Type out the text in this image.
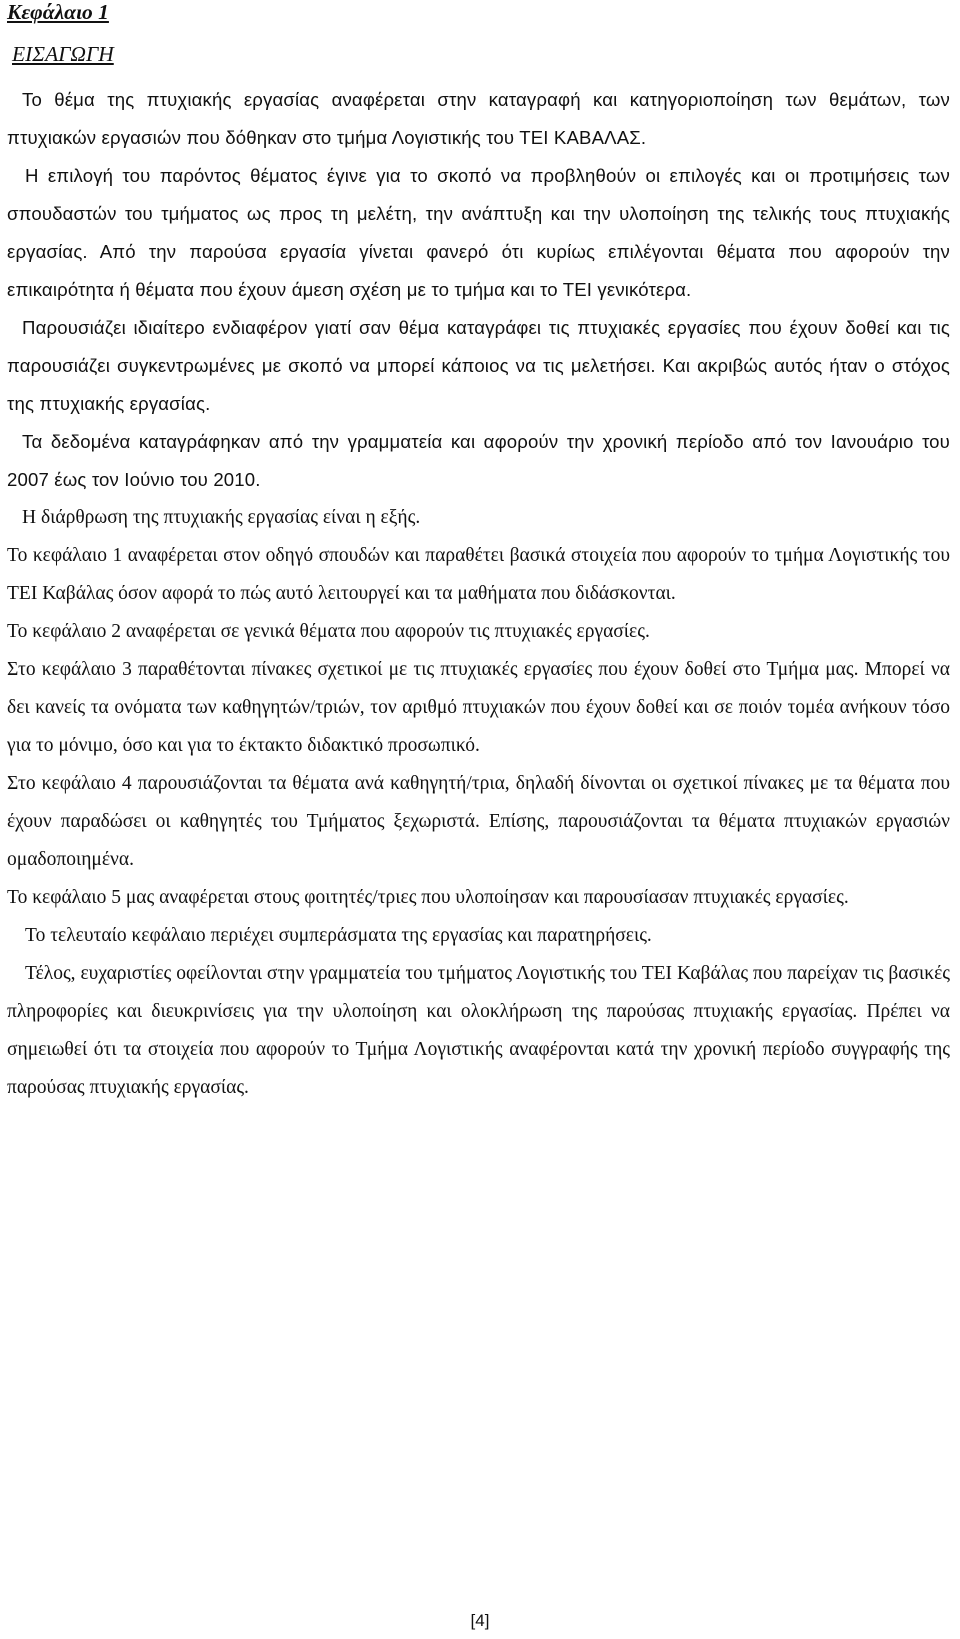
Κεφάλαιο 1
ΕΙΣΑΓΩΓΗ

Το θέμα της πτυχιακής εργασίας αναφέρεται στην καταγραφή και κατηγοριοποίηση των θεμάτων, των πτυχιακών εργασιών που δόθηκαν στο τμήμα Λογιστικής του ΤΕΙ ΚΑΒΑΛΑΣ.

Η επιλογή του παρόντος θέματος έγινε για το σκοπό να προβληθούν οι επιλογές και οι προτιμήσεις των σπουδαστών του τμήματος ως προς τη μελέτη, την ανάπτυξη και την υλοποίηση της τελικής τους πτυχιακής εργασίας. Από την παρούσα εργασία γίνεται φανερό ότι κυρίως επιλέγονται θέματα που αφορούν την επικαιρότητα ή θέματα που έχουν άμεση σχέση με το τμήμα και το ΤΕΙ γενικότερα.

Παρουσιάζει ιδιαίτερο ενδιαφέρον γιατί σαν θέμα καταγράφει τις πτυχιακές εργασίες που έχουν δοθεί και τις παρουσιάζει συγκεντρωμένες με σκοπό να μπορεί κάποιος να τις μελετήσει. Και ακριβώς αυτός ήταν ο στόχος της πτυχιακής εργασίας.

Τα δεδομένα καταγράφηκαν από την γραμματεία και αφορούν την χρονική περίοδο από τον Ιανουάριο του 2007 έως τον Ιούνιο του 2010.

Η διάρθρωση της πτυχιακής εργασίας είναι η εξής.

Το κεφάλαιο 1 αναφέρεται στον οδηγό σπουδών και παραθέτει βασικά στοιχεία που αφορούν το τμήμα Λογιστικής του ΤΕΙ Καβάλας όσον αφορά το πώς αυτό λειτουργεί και τα μαθήματα που διδάσκονται.

Το κεφάλαιο 2 αναφέρεται σε γενικά θέματα που αφορούν τις πτυχιακές εργασίες.

Στο κεφάλαιο 3 παραθέτονται πίνακες σχετικοί με τις πτυχιακές εργασίες που έχουν δοθεί στο Τμήμα μας. Μπορεί να δει κανείς τα ονόματα των καθηγητών/τριών, τον αριθμό πτυχιακών που έχουν δοθεί και σε ποιόν τομέα ανήκουν τόσο για το μόνιμο, όσο και για το έκτακτο διδακτικό προσωπικό.

Στο κεφάλαιο 4 παρουσιάζονται τα θέματα ανά καθηγητή/τρια, δηλαδή δίνονται οι σχετικοί πίνακες με τα θέματα που έχουν παραδώσει οι καθηγητές του Τμήματος ξεχωριστά. Επίσης, παρουσιάζονται τα θέματα πτυχιακών εργασιών ομαδοποιημένα.

Το κεφάλαιο 5 μας αναφέρεται στους φοιτητές/τριες που υλοποίησαν και παρουσίασαν πτυχιακές εργασίες.

Το τελευταίο κεφάλαιο περιέχει συμπεράσματα της εργασίας και παρατηρήσεις.

Τέλος, ευχαριστίες οφείλονται στην γραμματεία του τμήματος Λογιστικής του ΤΕΙ Καβάλας που παρείχαν τις βασικές πληροφορίες και διευκρινίσεις για την υλοποίηση και ολοκλήρωση της παρούσας πτυχιακής εργασίας. Πρέπει να σημειωθεί ότι τα στοιχεία που αφορούν το Τμήμα Λογιστικής αναφέρονται κατά την χρονική περίοδο συγγραφής της παρούσας πτυχιακής εργασίας.

[4]
